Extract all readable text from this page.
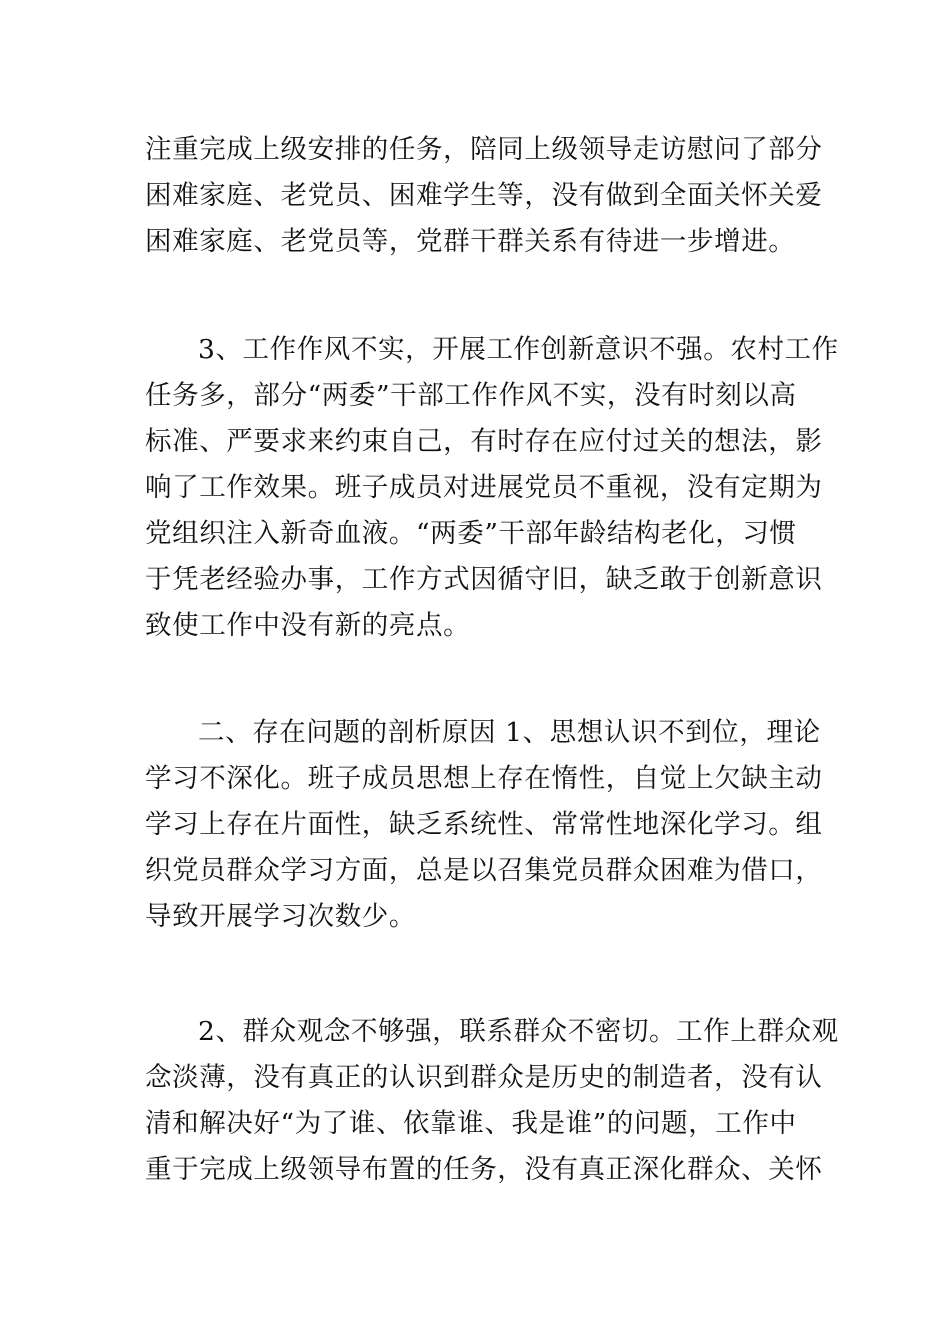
注重完成上级安排的任务，陪同上级领导走访慰问了部分
困难家庭、老党员、困难学生等，没有做到全面关怀关爱
困难家庭、老党员等，党群干群关系有待进一步增进。
3、工作作风不实，开展工作创新意识不强。农村工作
任务多，部分“两委”干部工作作风不实，没有时刻以高
标准、严要求来约束自己，有时存在应付过关的想法，影
响了工作效果。班子成员对进展党员不重视，没有定期为
党组织注入新奇血液。“两委”干部年龄结构老化，习惯
于凭老经验办事，工作方式因循守旧，缺乏敢于创新意识
致使工作中没有新的亮点。
二、存在问题的剖析原因 1、思想认识不到位，理论
学习不深化。班子成员思想上存在惰性，自觉上欠缺主动
学习上存在片面性，缺乏系统性、常常性地深化学习。组
织党员群众学习方面，总是以召集党员群众困难为借口，
导致开展学习次数少。
2、群众观念不够强，联系群众不密切。工作上群众观
念淡薄，没有真正的认识到群众是历史的制造者，没有认
清和解决好“为了谁、依靠谁、我是谁”的问题，工作中
重于完成上级领导布置的任务，没有真正深化群众、关怀
